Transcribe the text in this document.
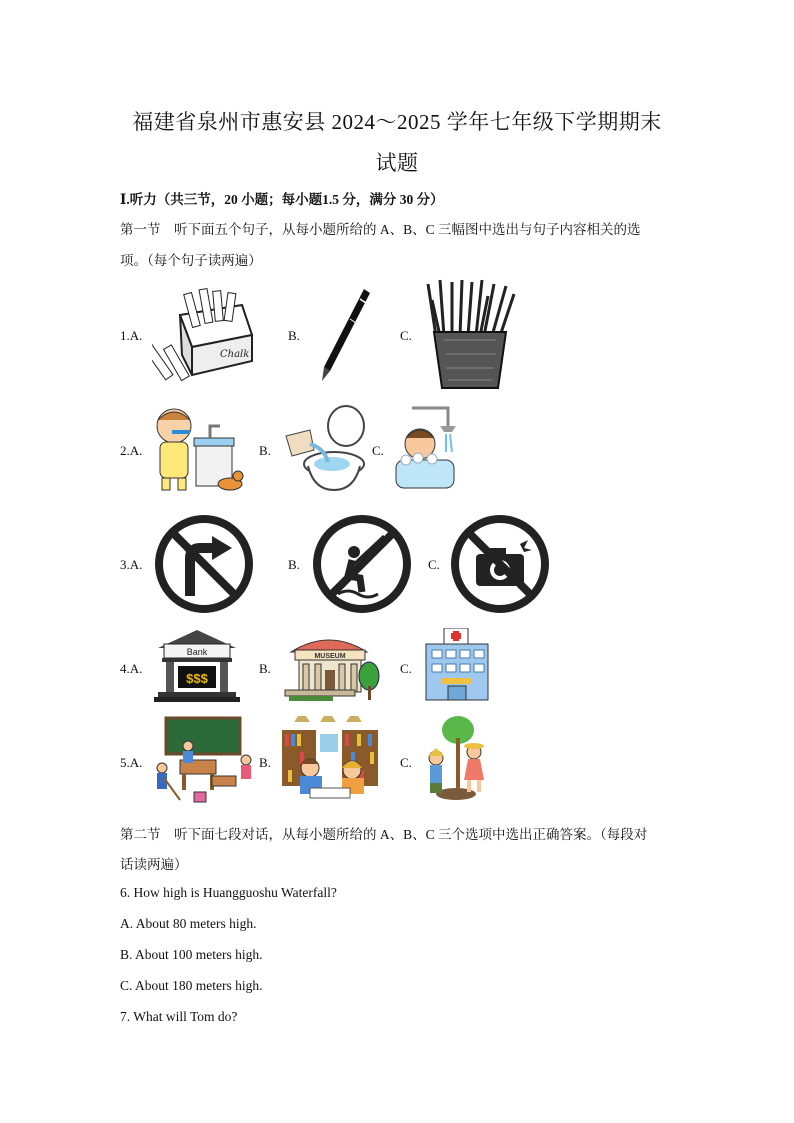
福建省泉州市惠安县 2024～2025 学年七年级下学期期末
试题
Ⅰ.听力（共三节，20 小题；每小题1.5 分，满分 30 分）
第一节　听下面五个句子，从每小题所给的 A、B、C 三幅图中选出与句子内容相关的选
项。（每个句子读两遍）
1.A.
Chalk
B.	C.
2.A.	B.	C.
3.A.	B.	C.
4.A.
Bank
$$$
B.
MUSEUM
C.
5.A.	B.	C.
第二节　听下面七段对话，从每小题所给的 A、B、C 三个选项中选出正确答案。（每段对
话读两遍）
6. How high is Huangguoshu Waterfall?
A. About 80 meters high.
B. About 100 meters high.
C. About 180 meters high.
7. What will Tom do?
